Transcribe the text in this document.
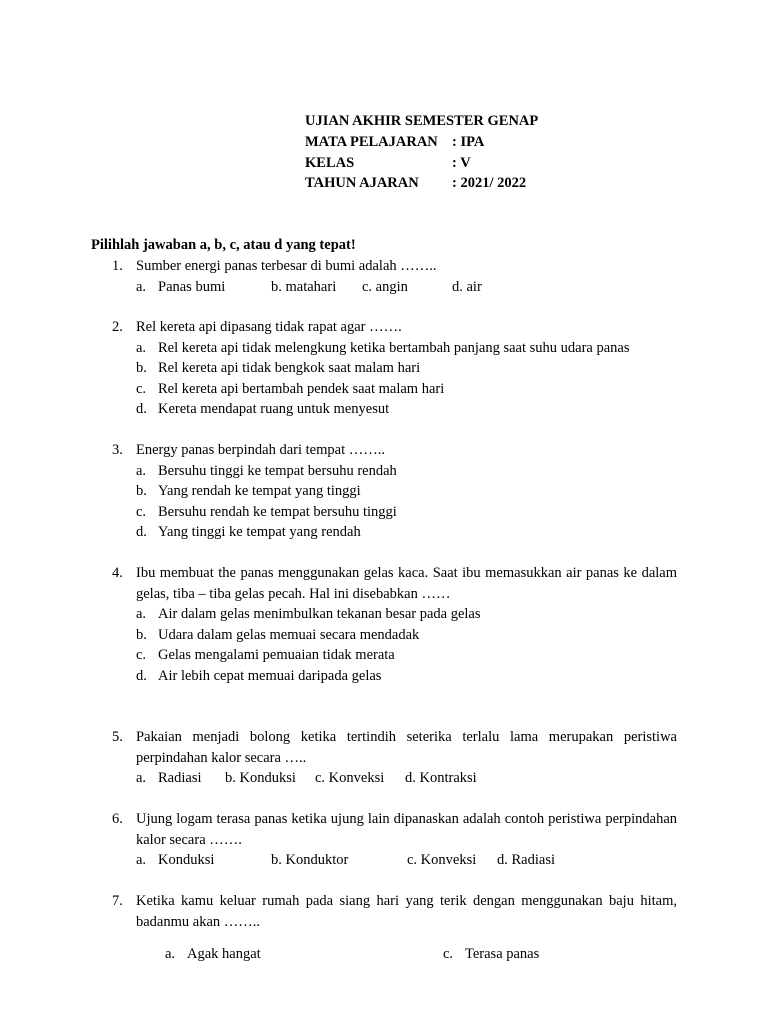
UJIAN AKHIR SEMESTER GENAP
MATA PELAJARAN : IPA
KELAS	: V
TAHUN AJARAN	: 2021/ 2022
Pilihlah jawaban a, b, c, atau d yang tepat!
1. Sumber energi panas terbesar di bumi adalah ……..
a. Panas bumi	b. matahari	c. angin	d. air
2. Rel kereta api dipasang tidak rapat agar …….
a. Rel kereta api tidak melengkung ketika bertambah panjang saat suhu udara panas
b. Rel kereta api tidak bengkok saat malam hari
c. Rel kereta api bertambah pendek saat malam hari
d. Kereta mendapat ruang untuk menyesut
3. Energy panas berpindah dari tempat ……..
a. Bersuhu tinggi ke tempat bersuhu rendah
b. Yang rendah ke tempat yang tinggi
c. Bersuhu rendah ke tempat bersuhu tinggi
d. Yang tinggi ke tempat yang rendah
4. Ibu membuat the panas menggunakan gelas kaca. Saat ibu memasukkan air panas ke dalam gelas, tiba – tiba gelas pecah. Hal ini disebabkan ……
a. Air dalam gelas menimbulkan tekanan besar pada gelas
b. Udara dalam gelas memuai secara mendadak
c. Gelas mengalami pemuaian tidak merata
d. Air lebih cepat memuai daripada gelas
5. Pakaian menjadi bolong ketika tertindih seterika terlalu lama merupakan peristiwa perpindahan kalor secara …..
a. Radiasi	b. Konduksi	c. Konveksi	d. Kontraksi
6. Ujung logam terasa panas ketika ujung lain dipanaskan adalah contoh peristiwa perpindahan kalor secara …….
a. Konduksi	b. Konduktor	c. Konveksi	d. Radiasi
7. Ketika kamu keluar rumah pada siang hari yang terik dengan menggunakan baju hitam, badanmu akan ……..
a. Agak hangat	c. Terasa panas
